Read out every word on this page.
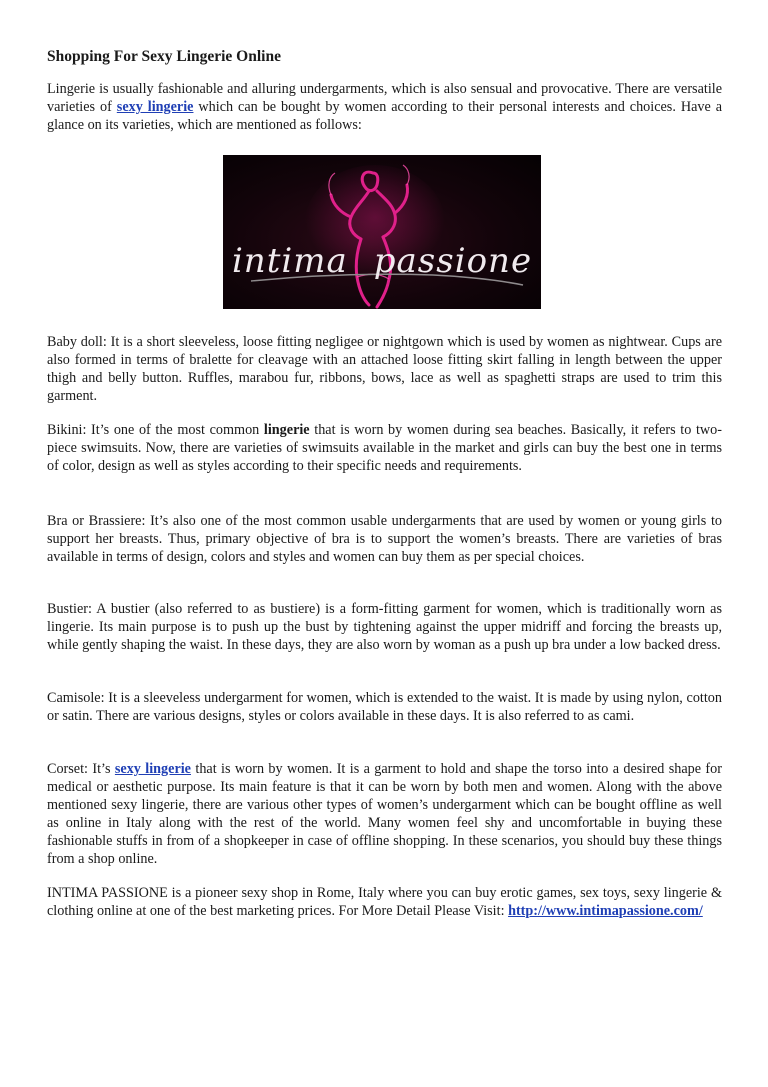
Shopping For Sexy Lingerie Online

Lingerie is usually fashionable and alluring undergarments, which is also sensual and provocative. There are versatile varieties of sexy lingerie which can be bought by women according to their personal interests and choices. Have a glance on its varieties, which are mentioned as follows:

intima passione

Baby doll: It is a short sleeveless, loose fitting negligee or nightgown which is used by women as nightwear. Cups are also formed in terms of bralette for cleavage with an attached loose fitting skirt falling in length between the upper thigh and belly button. Ruffles, marabou fur, ribbons, bows, lace as well as spaghetti straps are used to trim this garment.

Bikini: It’s one of the most common lingerie that is worn by women during sea beaches. Basically, it refers to two-piece swimsuits. Now, there are varieties of swimsuits available in the market and girls can buy the best one in terms of color, design as well as styles according to their specific needs and requirements.

Bra or Brassiere: It’s also one of the most common usable undergarments that are used by women or young girls to support her breasts. Thus, primary objective of bra is to support the women’s breasts. There are varieties of bras available in terms of design, colors and styles and women can buy them as per special choices.

Bustier: A bustier (also referred to as bustiere) is a form-fitting garment for women, which is traditionally worn as lingerie. Its main purpose is to push up the bust by tightening against the upper midriff and forcing the breasts up, while gently shaping the waist. In these days, they are also worn by woman as a push up bra under a low backed dress.

Camisole: It is a sleeveless undergarment for women, which is extended to the waist. It is made by using nylon, cotton or satin. There are various designs, styles or colors available in these days. It is also referred to as cami.

Corset: It’s sexy lingerie that is worn by women. It is a garment to hold and shape the torso into a desired shape for medical or aesthetic purpose. Its main feature is that it can be worn by both men and women. Along with the above mentioned sexy lingerie, there are various other types of women’s undergarment which can be bought offline as well as online in Italy along with the rest of the world. Many women feel shy and uncomfortable in buying these fashionable stuffs in from of a shopkeeper in case of offline shopping. In these scenarios, you should buy these things from a shop online.

INTIMA PASSIONE is a pioneer sexy shop in Rome, Italy where you can buy erotic games, sex toys, sexy lingerie & clothing online at one of the best marketing prices. For More Detail Please Visit: http://www.intimapassione.com/
